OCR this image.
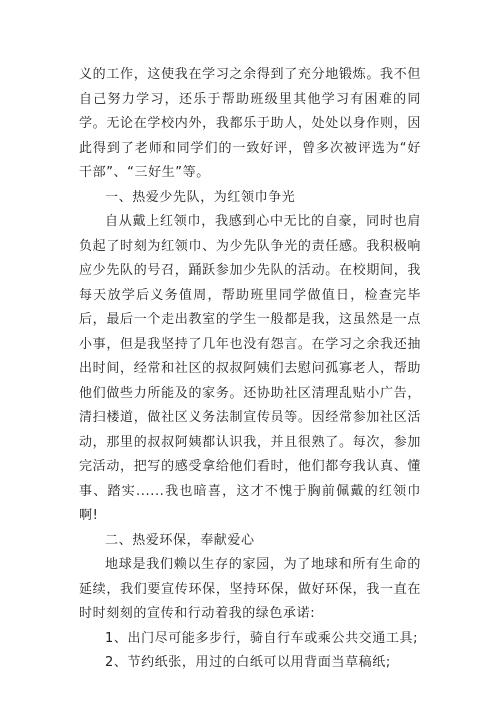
义的工作，这使我在学习之余得到了充分地锻炼。我不但自己努力学习，还乐于帮助班级里其他学习有困难的同学。无论在学校内外，我都乐于助人，处处以身作则，因此得到了老师和同学们的一致好评，曾多次被评选为“好干部”、“三好生”等。

一、热爱少先队，为红领巾争光

自从戴上红领巾，我感到心中无比的自豪，同时也肩负起了时刻为红领巾、为少先队争光的责任感。我积极响应少先队的号召，踊跃参加少先队的活动。在校期间，我每天放学后义务值周，帮助班里同学做值日，检查完毕后，最后一个走出教室的学生一般都是我，这虽然是一点小事，但是我坚持了几年也没有怨言。在学习之余我还抽出时间，经常和社区的叔叔阿姨们去慰问孤寡老人，帮助他们做些力所能及的家务。还协助社区清理乱贴小广告，清扫楼道，做社区义务法制宣传员等。因经常参加社区活动，那里的叔叔阿姨都认识我，并且很熟了。每次，参加完活动，把写的感受拿给他们看时，他们都夸我认真、懂事、踏实......我也暗喜，这才不愧于胸前佩戴的红领巾啊!

二、热爱环保，奉献爱心

地球是我们赖以生存的家园，为了地球和所有生命的延续，我们要宣传环保，坚持环保，做好环保，我一直在时时刻刻的宣传和行动着我的绿色承诺:

1、出门尽可能多步行，骑自行车或乘公共交通工具;

2、节约纸张，用过的白纸可以用背面当草稿纸;
